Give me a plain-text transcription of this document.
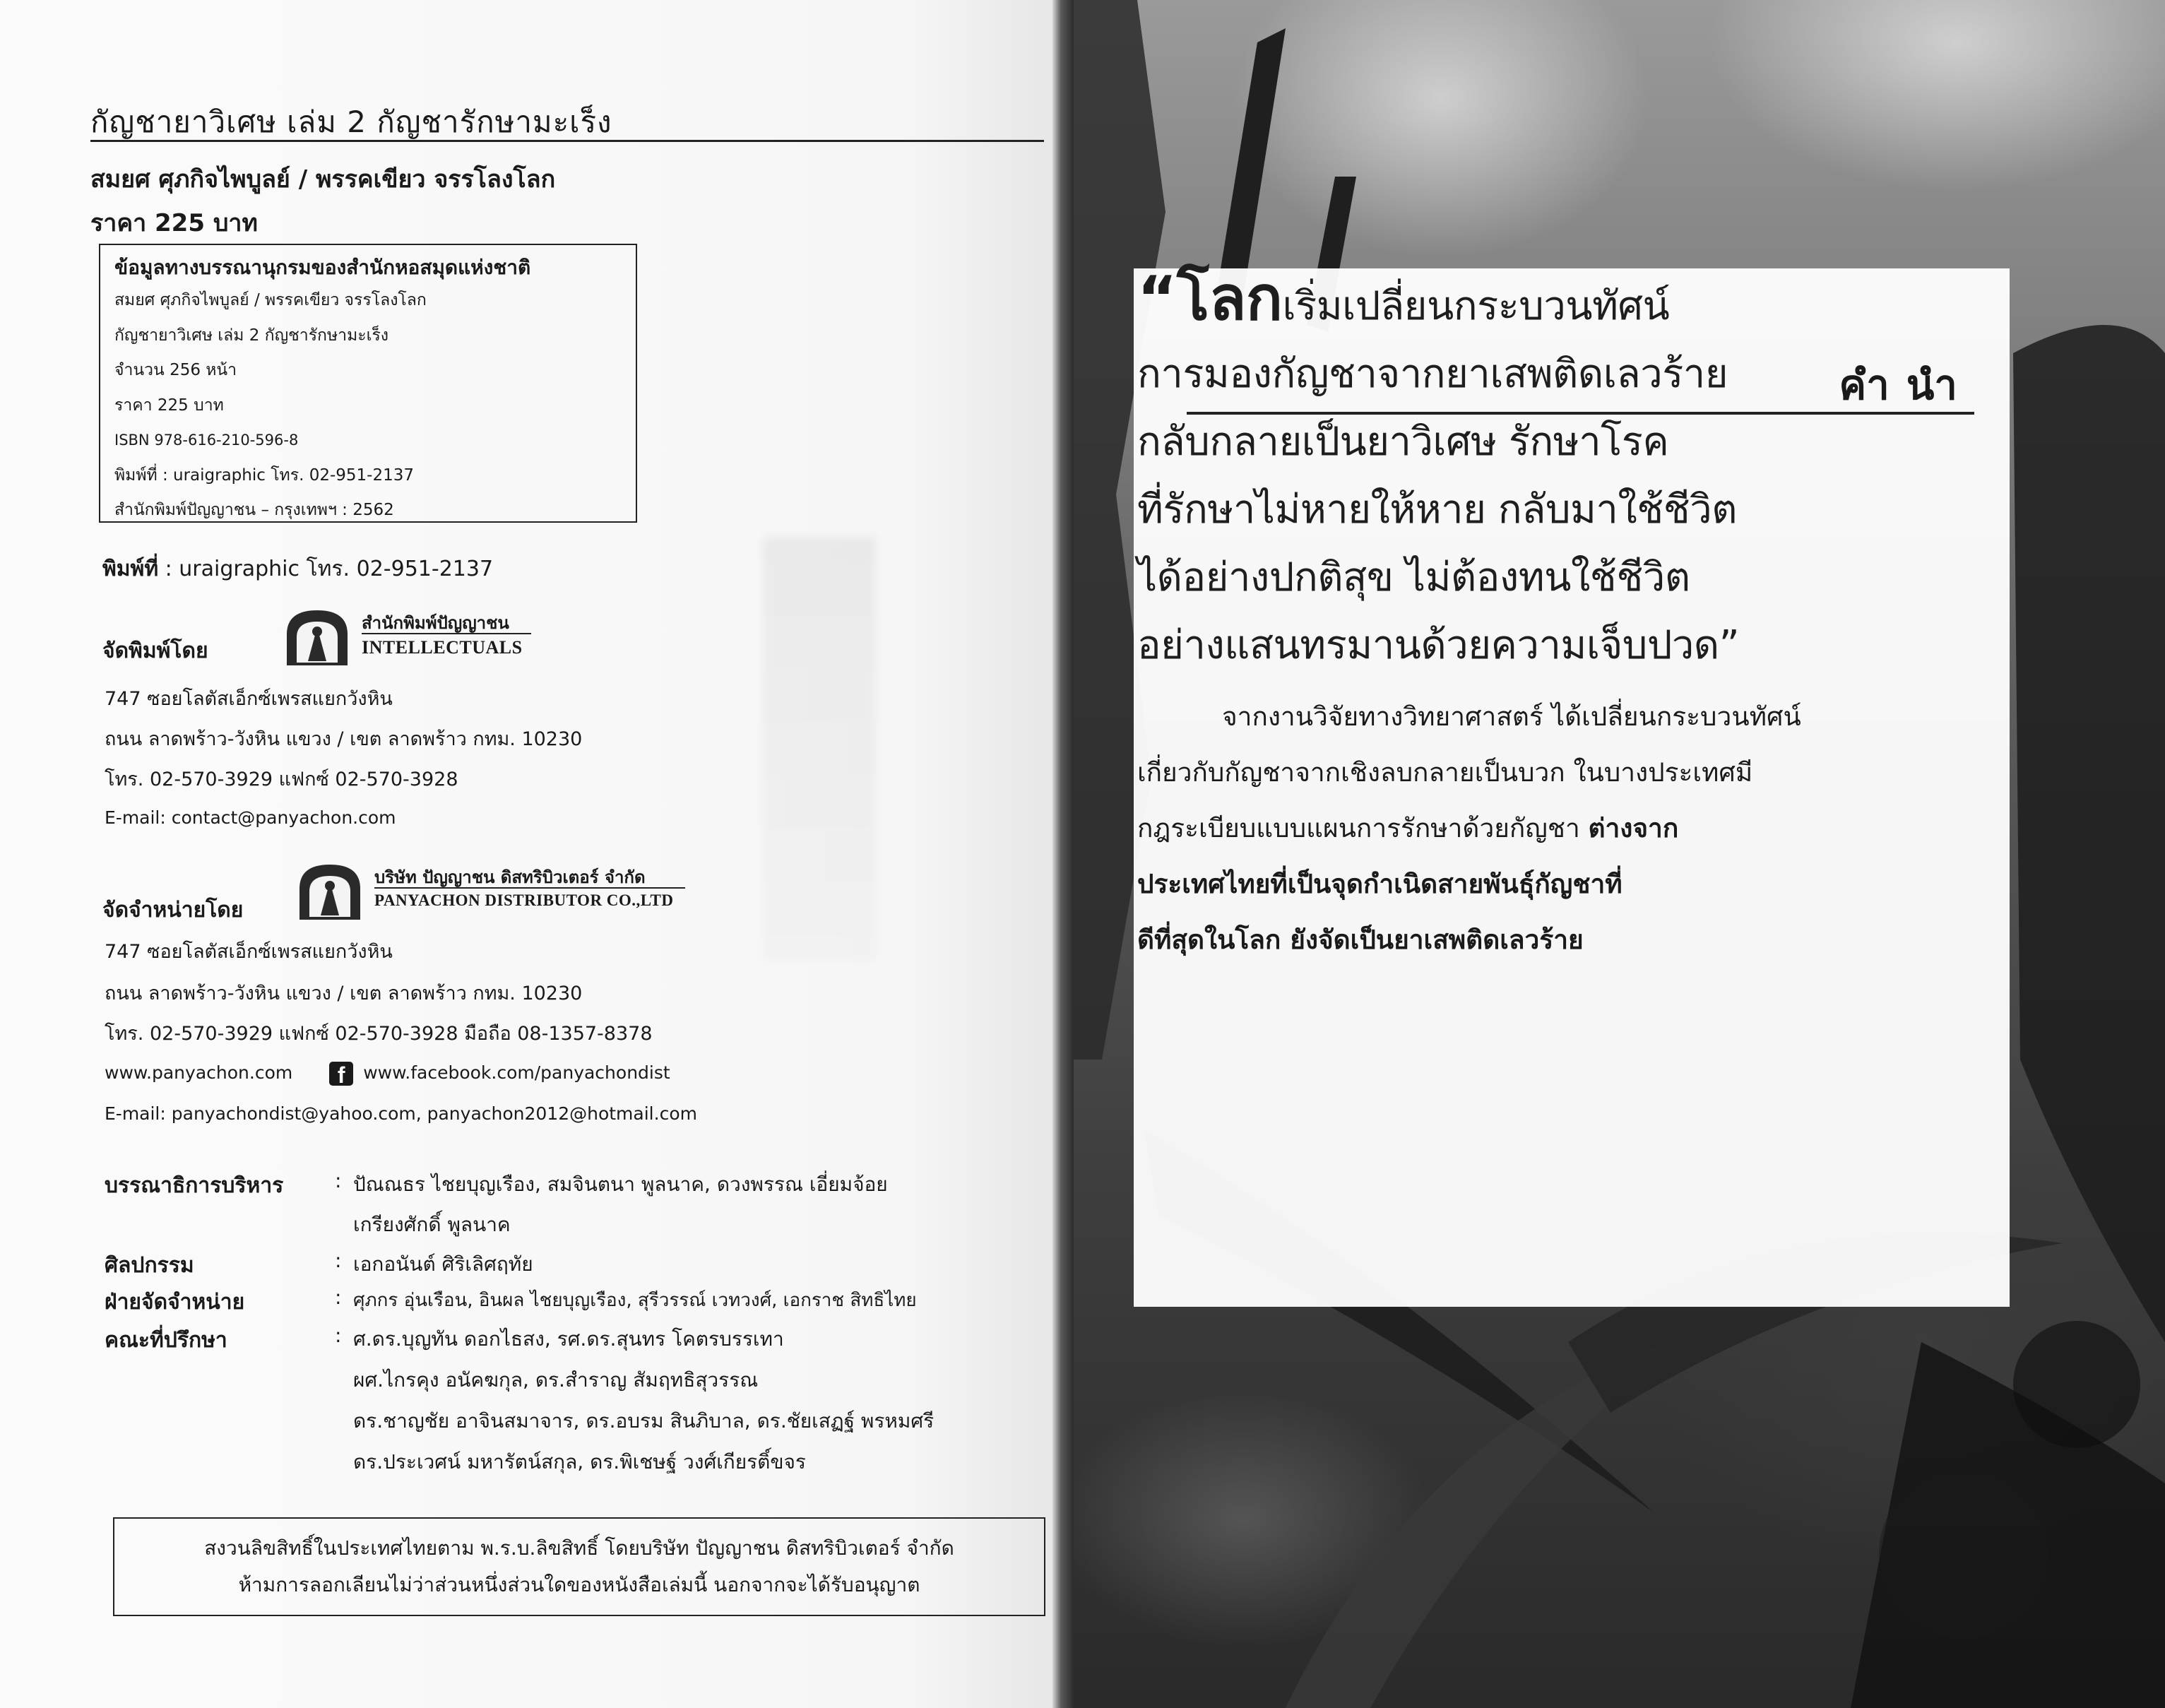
กัญชายาวิเศษ เล่ม 2 กัญชารักษามะเร็ง
สมยศ ศุภกิจไพบูลย์ / พรรคเขียว จรรโลงโลก
ราคา 225 บาท
ข้อมูลทางบรรณานุกรมของสำนักหอสมุดแห่งชาติ
สมยศ ศุภกิจไพบูลย์ / พรรคเขียว จรรโลงโลก
กัญชายาวิเศษ เล่ม 2 กัญชารักษามะเร็ง
จำนวน 256 หน้า
ราคา 225 บาท
ISBN 978-616-210-596-8
พิมพ์ที่ : uraigraphic โทร. 02-951-2137
สำนักพิมพ์ปัญญาชน – กรุงเทพฯ : 2562
พิมพ์ที่ : uraigraphic โทร. 02-951-2137
จัดพิมพ์โดย
สำนักพิมพ์ปัญญาชน
INTELLECTUALS
747 ซอยโลตัสเอ็กซ์เพรสแยกวังหิน
ถนน ลาดพร้าว-วังหิน แขวง / เขต ลาดพร้าว กทม. 10230
โทร. 02-570-3929 แฟกซ์ 02-570-3928
E-mail: contact@panyachon.com
จัดจำหน่ายโดย
บริษัท ปัญญาชน ดิสทริบิวเตอร์ จำกัด
PANYACHON DISTRIBUTOR CO.,LTD
747 ซอยโลตัสเอ็กซ์เพรสแยกวังหิน
ถนน ลาดพร้าว-วังหิน แขวง / เขต ลาดพร้าว กทม. 10230
โทร. 02-570-3929 แฟกซ์ 02-570-3928 มือถือ 08-1357-8378
www.panyachon.com f www.facebook.com/panyachondist
E-mail: panyachondist@yahoo.com, panyachon2012@hotmail.com
บรรณาธิการบริหาร	: ปัณณธร ไชยบุญเรือง, สมจินตนา พูลนาค, ดวงพรรณ เอี่ยมจ้อย
เกรียงศักดิ์ พูลนาค
ศิลปกรรม	: เอกอนันต์ ศิริเลิศฤทัย
ฝ่ายจัดจำหน่าย	: ศุภกร อุ่นเรือน, อินผล ไชยบุญเรือง, สุรีวรรณ์ เวทวงศ์, เอกราช สิทธิไทย
คณะที่ปรึกษา	: ศ.ดร.บุญทัน ดอกไธสง, รศ.ดร.สุนทร โคตรบรรเทา
ผศ.ไกรคุง อนัคฆกุล, ดร.สำราญ สัมฤทธิสุวรรณ
ดร.ชาญชัย อาจินสมาจาร, ดร.อบรม สินภิบาล, ดร.ชัยเสฏฐ์ พรหมศรี
ดร.ประเวศน์ มหารัตน์สกุล, ดร.พิเชษฐ์ วงศ์เกียรติ์ขจร
สงวนลิขสิทธิ์ในประเทศไทยตาม พ.ร.บ.ลิขสิทธิ์ โดยบริษัท ปัญญาชน ดิสทริบิวเตอร์ จำกัด
ห้ามการลอกเลียนไม่ว่าส่วนหนึ่งส่วนใดของหนังสือเล่มนี้ นอกจากจะได้รับอนุญาต
คำนำ
“โลกเริ่มเปลี่ยนกระบวนทัศน์
การมองกัญชาจากยาเสพติดเลวร้าย
กลับกลายเป็นยาวิเศษ รักษาโรค
ที่รักษาไม่หายให้หาย กลับมาใช้ชีวิต
ได้อย่างปกติสุข ไม่ต้องทนใช้ชีวิต
อย่างแสนทรมานด้วยความเจ็บปวด”
จากงานวิจัยทางวิทยาศาสตร์ ได้เปลี่ยนกระบวนทัศน์
เกี่ยวกับกัญชาจากเชิงลบกลายเป็นบวก ในบางประเทศมี
กฎระเบียบแบบแผนการรักษาด้วยกัญชา ต่างจาก
ประเทศไทยที่เป็นจุดกำเนิดสายพันธุ์กัญชาที่
ดีที่สุดในโลก ยังจัดเป็นยาเสพติดเลวร้าย
